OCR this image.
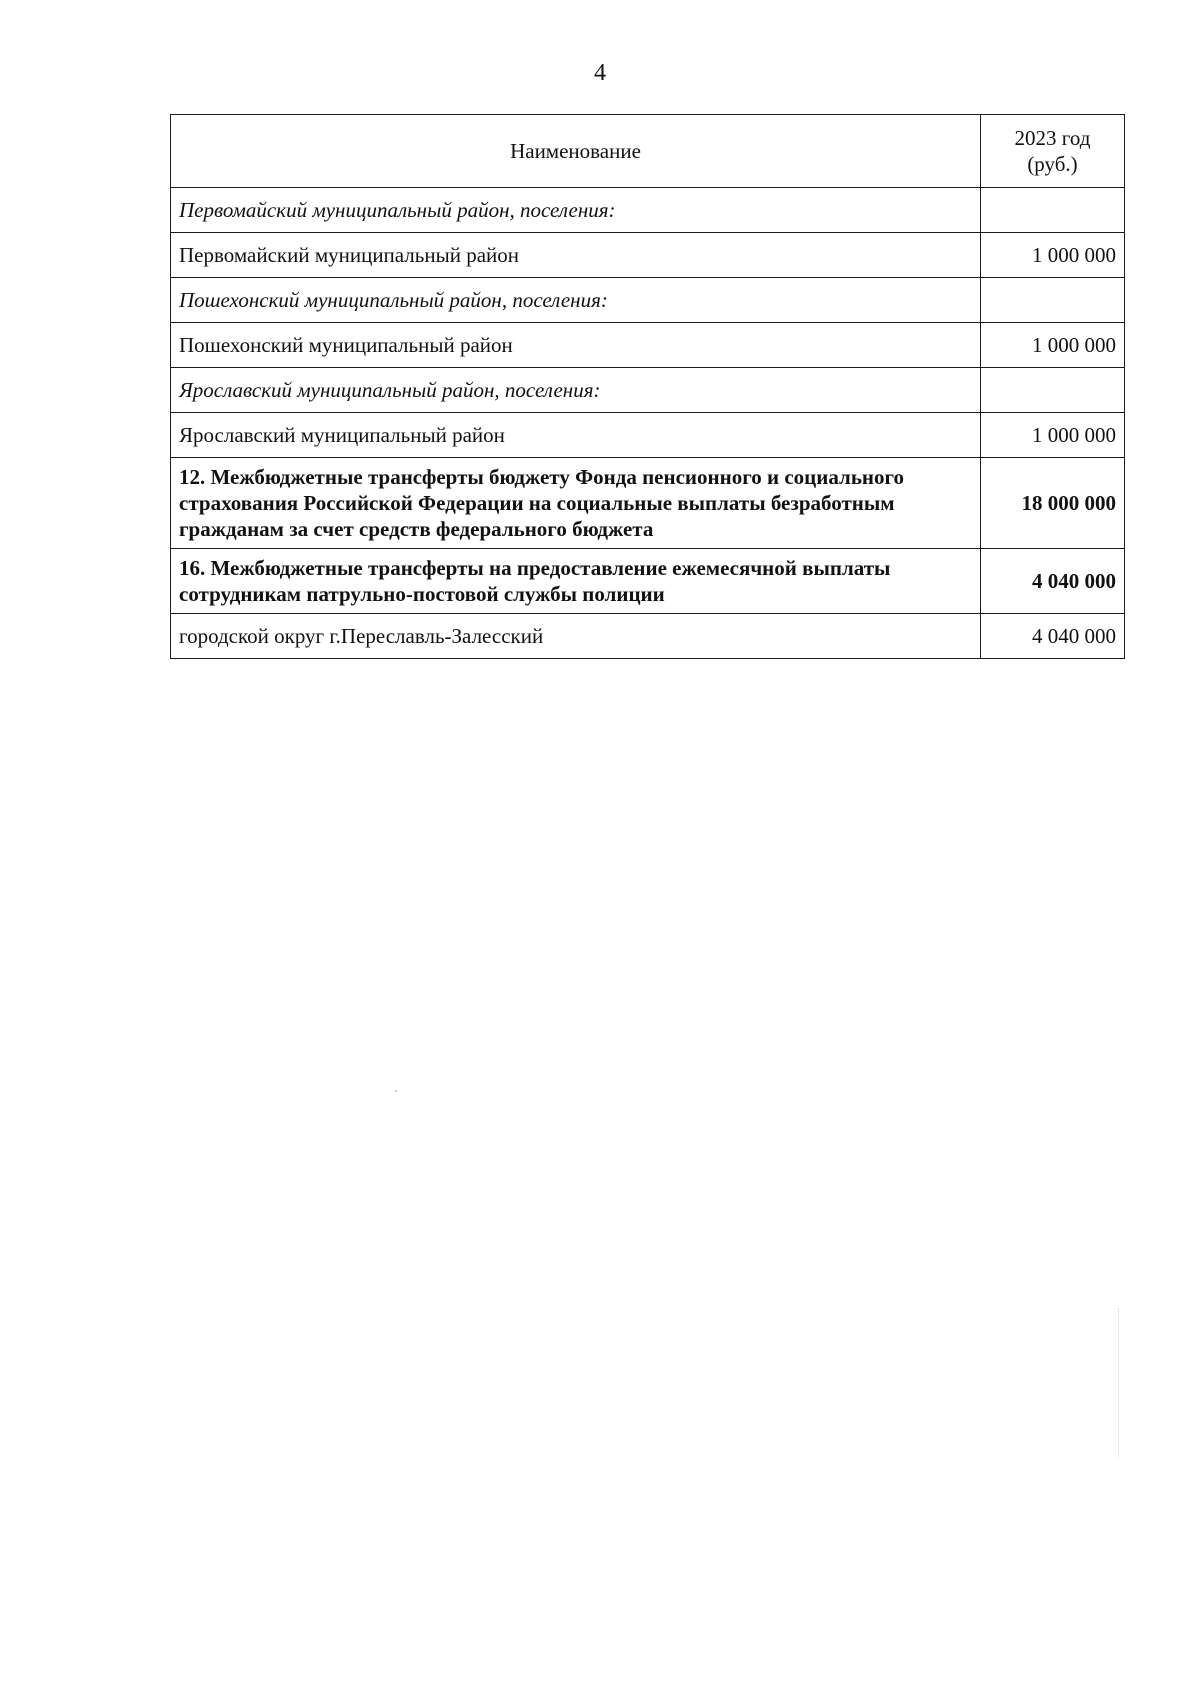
4
Наименование	2023 год
(руб.)

Первомайский муниципальный район, поселения:	
Первомайский муниципальный район	1 000 000
Пошехонский муниципальный район, поселения:	
Пошехонский муниципальный район	1 000 000
Ярославский муниципальный район, поселения:	
Ярославский муниципальный район	1 000 000
12. Межбюджетные трансферты бюджету Фонда пенсионного и социального страхования Российской Федерации на социальные выплаты безработным гражданам за счет средств федерального бюджета	18 000 000
16. Межбюджетные трансферты на предоставление ежемесячной выплаты сотрудникам патрульно-постовой службы полиции	4 040 000
городской округ г.Переславль-Залесский	4 040 000
